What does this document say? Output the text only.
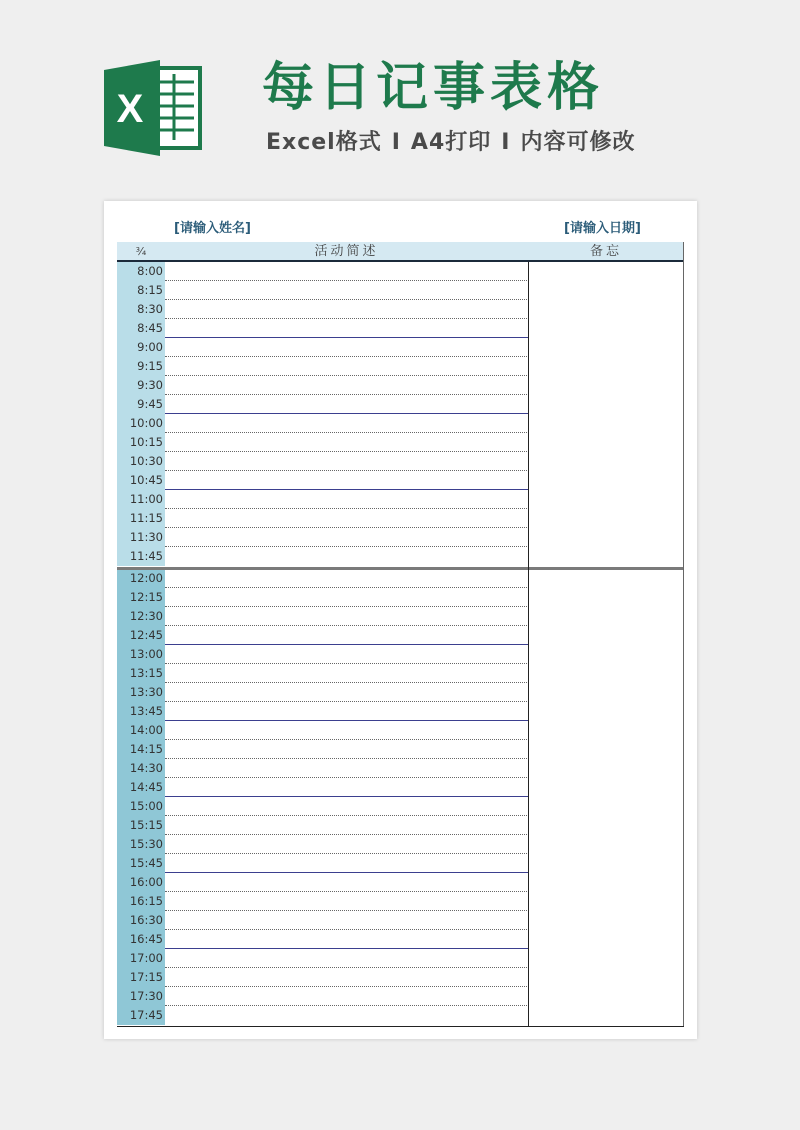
X 每日记事表格

Excel格式 I A4打印 I 内容可修改

[请输入姓名]	[请输入日期]
¾	活动简述	备忘
8:00
8:15
8:30
8:45
9:00
9:15
9:30
9:45
10:00
10:15
10:30
10:45
11:00
11:15
11:30
11:45
12:00
12:15
12:30
12:45
13:00
13:15
13:30
13:45
14:00
14:15
14:30
14:45
15:00
15:15
15:30
15:45
16:00
16:15
16:30
16:45
17:00
17:15
17:30
17:45
